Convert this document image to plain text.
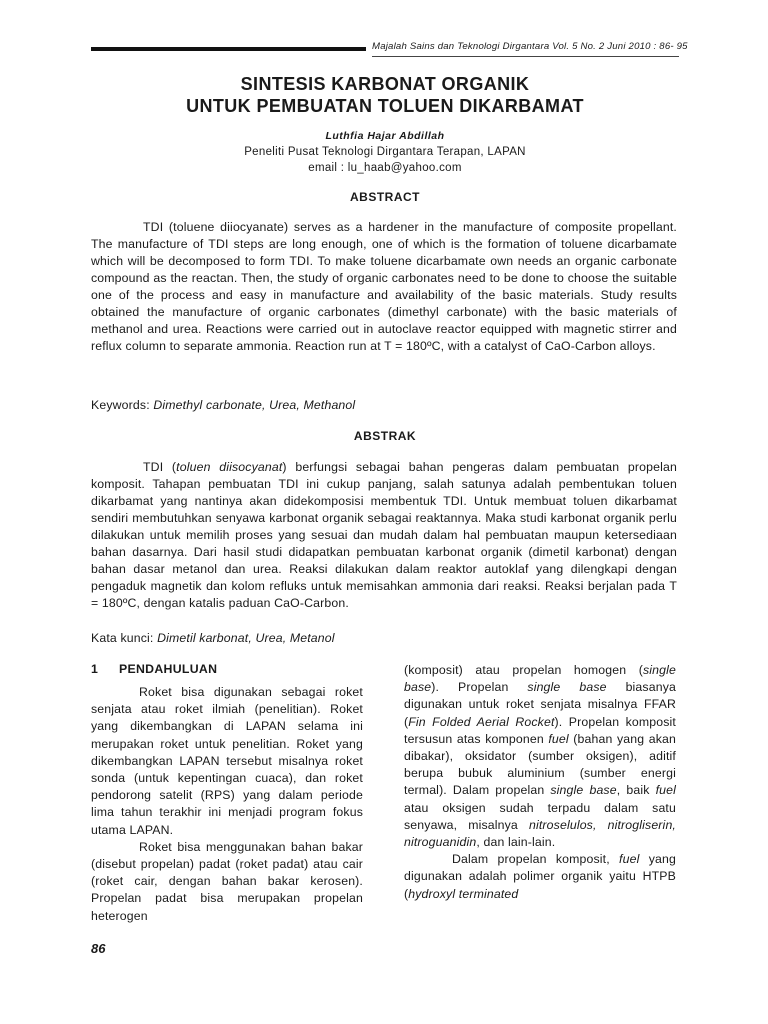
Majalah Sains dan Teknologi Dirgantara Vol. 5 No. 2 Juni 2010 : 86- 95
SINTESIS KARBONAT ORGANIK
UNTUK PEMBUATAN TOLUEN DIKARBAMAT
Luthfia Hajar Abdillah
Peneliti Pusat Teknologi Dirgantara Terapan, LAPAN
email : lu_haab@yahoo.com
ABSTRACT

TDI (toluene diiocyanate) serves as a hardener in the manufacture of composite propellant. The manufacture of TDI steps are long enough, one of which is the formation of toluene dicarbamate which will be decomposed to form TDI. To make toluene dicarbamate own needs an organic carbonate compound as the reactan. Then, the study of organic carbonates need to be done to choose the suitable one of the process and easy in manufacture and availability of the basic materials. Study results obtained the manufacture of organic carbonates (dimethyl carbonate) with the basic materials of methanol and urea. Reactions were carried out in autoclave reactor equipped with magnetic stirrer and reflux column to separate ammonia. Reaction run at T = 180ºC, with a catalyst of CaO-Carbon alloys.

Keywords: Dimethyl carbonate, Urea, Methanol
ABSTRAK

TDI (toluen diisocyanat) berfungsi sebagai bahan pengeras dalam pembuatan propelan komposit. Tahapan pembuatan TDI ini cukup panjang, salah satunya adalah pembentukan toluen dikarbamat yang nantinya akan didekomposisi membentuk TDI. Untuk membuat toluen dikarbamat sendiri membutuhkan senyawa karbonat organik sebagai reaktannya. Maka studi karbonat organik perlu dilakukan untuk memilih proses yang sesuai dan mudah dalam hal pembuatan maupun ketersediaan bahan dasarnya. Dari hasil studi didapatkan pembuatan karbonat organik (dimetil karbonat) dengan bahan dasar metanol dan urea. Reaksi dilakukan dalam reaktor autoklaf yang dilengkapi dengan pengaduk magnetik dan kolom refluks untuk memisahkan ammonia dari reaksi. Reaksi berjalan pada T = 180ºC, dengan katalis paduan CaO-Carbon.

Kata kunci: Dimetil karbonat, Urea, Metanol
1 PENDAHULUAN

Roket bisa digunakan sebagai roket senjata atau roket ilmiah (penelitian). Roket yang dikembangkan di LAPAN selama ini merupakan roket untuk penelitian. Roket yang dikembangkan LAPAN tersebut misalnya roket sonda (untuk kepentingan cuaca), dan roket pendorong satelit (RPS) yang dalam periode lima tahun terakhir ini menjadi program fokus utama LAPAN.

Roket bisa menggunakan bahan bakar (disebut propelan) padat (roket padat) atau cair (roket cair, dengan bahan bakar kerosen). Propelan padat bisa merupakan propelan heterogen

(komposit) atau propelan homogen (single base). Propelan single base biasanya digunakan untuk roket senjata misalnya FFAR (Fin Folded Aerial Rocket). Propelan komposit tersusun atas komponen fuel (bahan yang akan dibakar), oksidator (sumber oksigen), aditif berupa bubuk aluminium (sumber energi termal). Dalam propelan single base, baik fuel atau oksigen sudah terpadu dalam satu senyawa, misalnya nitroselulos, nitrogliserin, nitroguanidin, dan lain-lain.

Dalam propelan komposit, fuel yang digunakan adalah polimer organik yaitu HTPB (hydroxyl terminated

86
